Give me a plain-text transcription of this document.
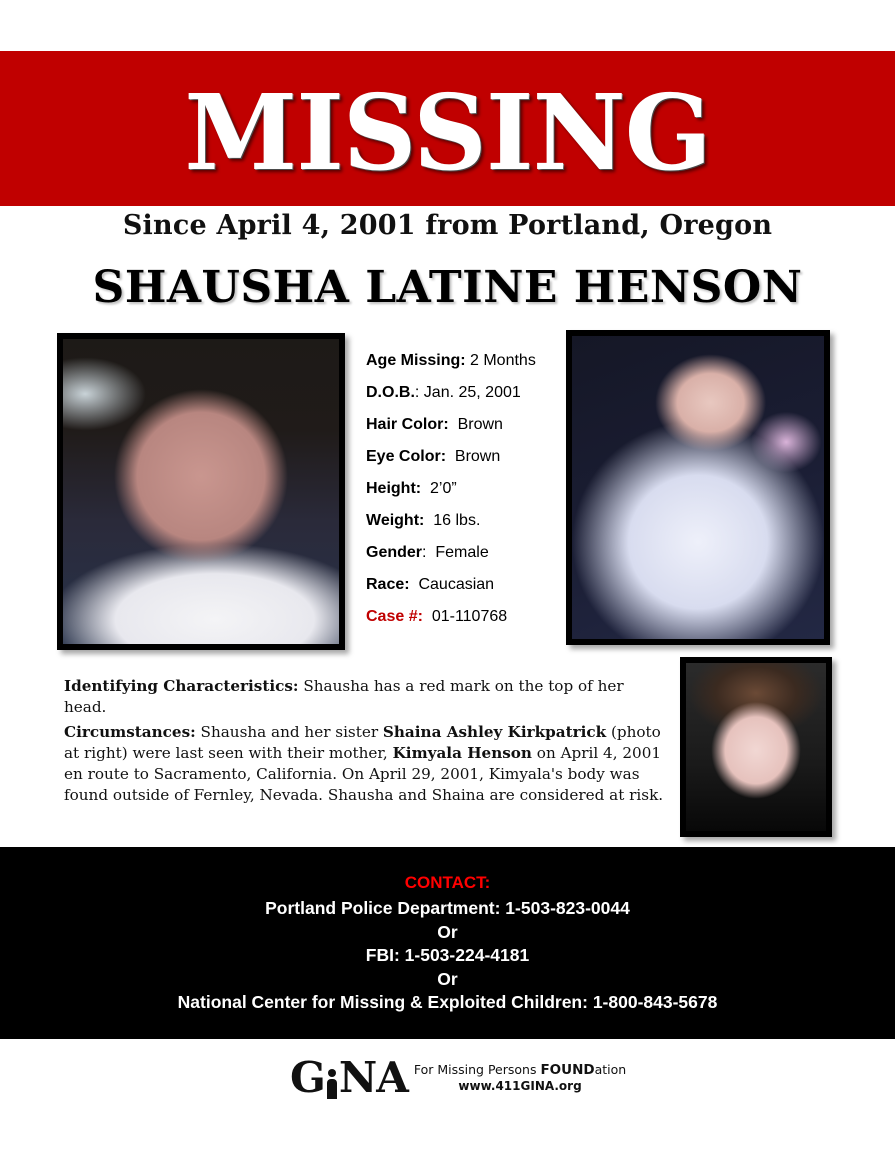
MISSING
Since April 4, 2001 from Portland, Oregon
SHAUSHA LATINE HENSON
Age Missing: 2 Months
D.O.B.: Jan. 25, 2001
Hair Color:  Brown
Eye Color:  Brown
Height:  2’0”
Weight:  16 lbs.
Gender:  Female
Race:  Caucasian
Case #:  01-110768

Identifying Characteristics: Shausha has a red mark on the top of her head.

Circumstances: Shausha and her sister Shaina Ashley Kirkpatrick (photo at right) were last seen with their mother, Kimyala Henson on April 4, 2001 en route to Sacramento, California. On April 29, 2001, Kimyala's body was found outside of Fernley, Nevada. Shausha and Shaina are considered at risk.

CONTACT:
Portland Police Department: 1-503-823-0044
Or
FBI: 1-503-224-4181
Or
National Center for Missing & Exploited Children: 1-800-843-5678
G NA For Missing Persons FOUNDation
www.411GINA.org
